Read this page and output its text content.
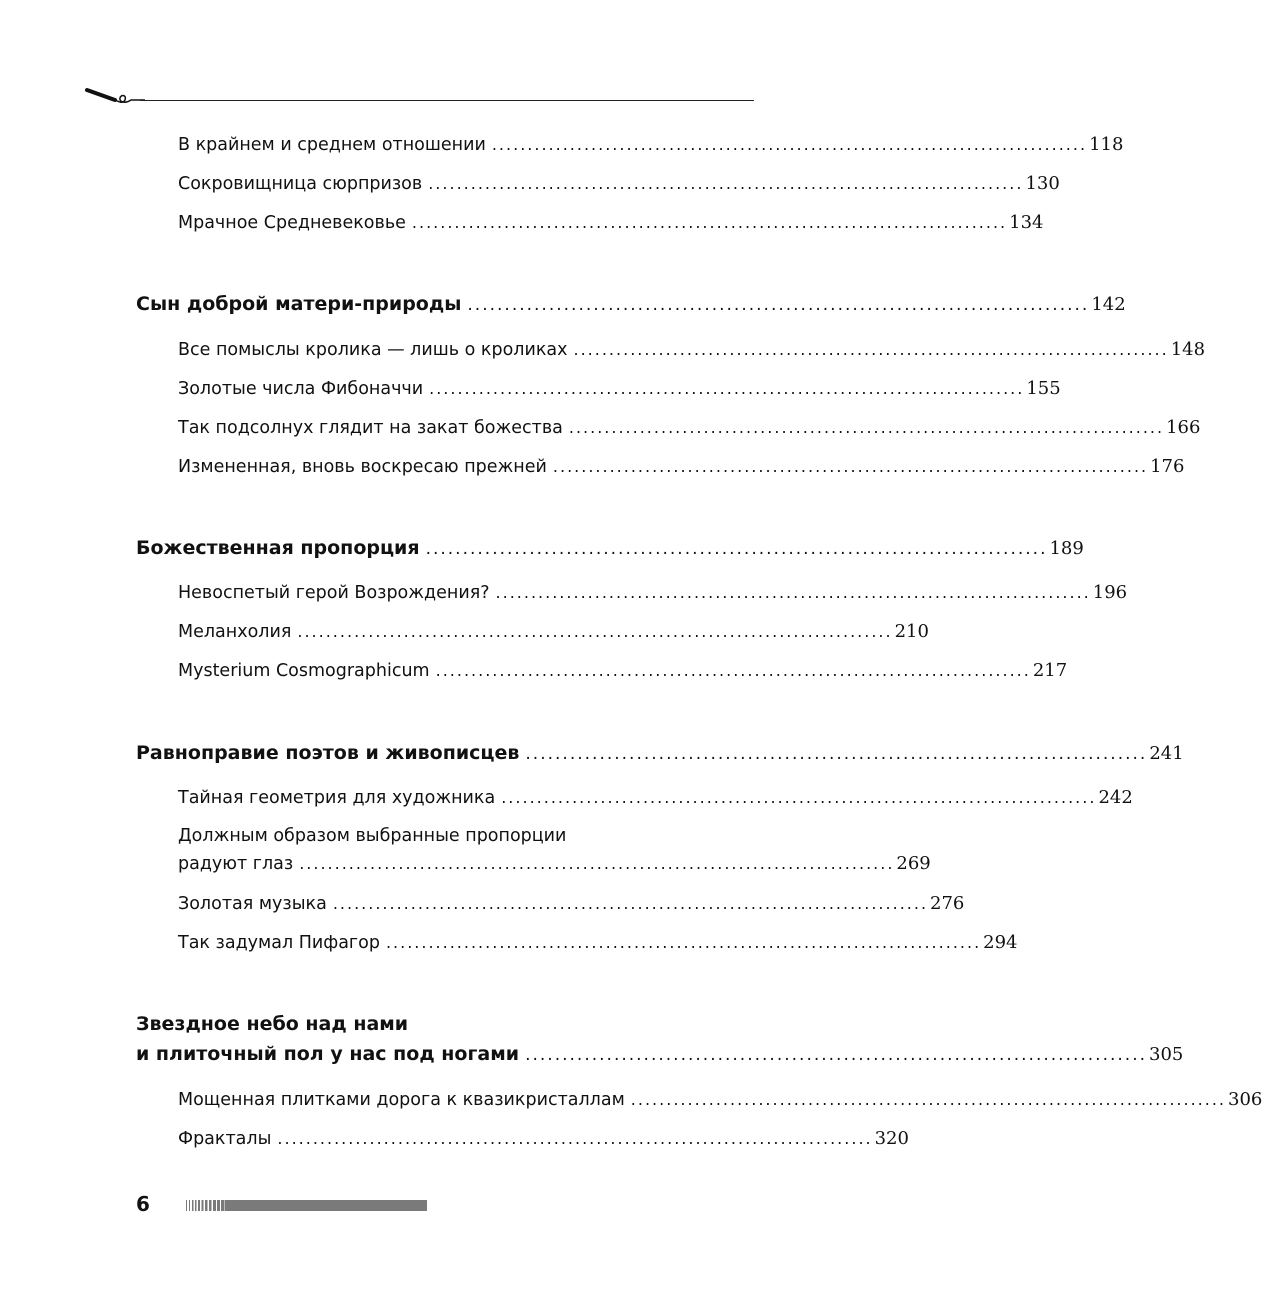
В крайнем и среднем отношении .................................................................................... 118
Сокровищница сюрпризов .................................................................................... 130
Мрачное Средневековье .................................................................................... 134
Сын доброй матери-природы .................................................................................... 142
Все помыслы кролика — лишь о кроликах .................................................................................... 148
Золотые числа Фибоначчи .................................................................................... 155
Так подсолнух глядит на закат божества .................................................................................... 166
Измененная, вновь воскресаю прежней .................................................................................... 176
Божественная пропорция .................................................................................... 189
Невоспетый герой Возрождения? .................................................................................... 196
Меланхолия .................................................................................... 210
Mysterium Cosmographicum .................................................................................... 217
Равноправие поэтов и живописцев .................................................................................... 241
Тайная геометрия для художника .................................................................................... 242
Должным образом выбранные пропорции
радуют глаз .................................................................................... 269
Золотая музыка .................................................................................... 276
Так задумал Пифагор .................................................................................... 294
Звездное небо над нами
и плиточный пол у нас под ногами .................................................................................... 305
Мощенная плитками дорога к квазикристаллам .................................................................................... 306
Фракталы .................................................................................... 320
6
